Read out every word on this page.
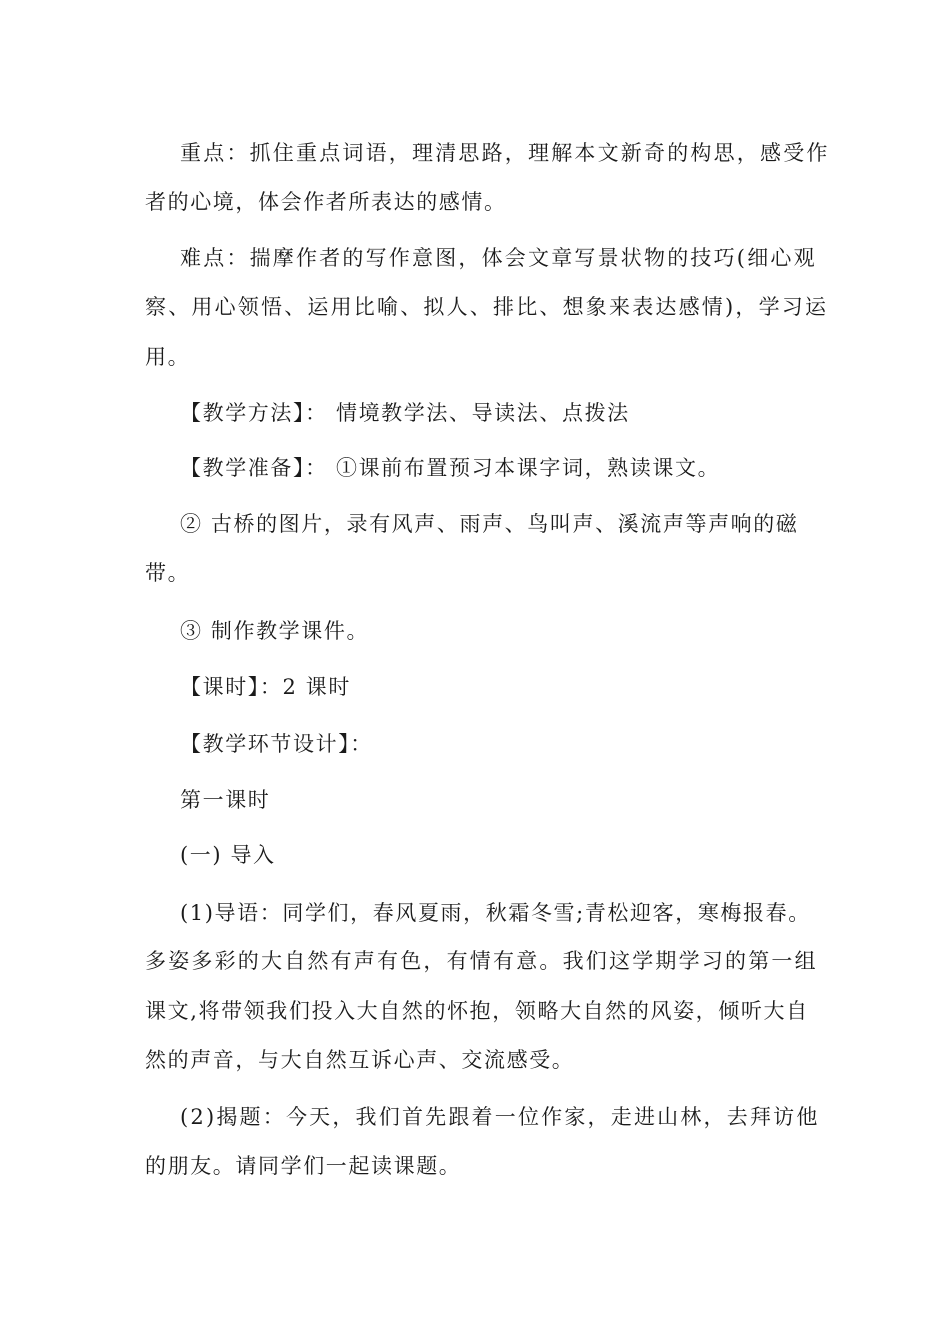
重点：抓住重点词语，理清思路，理解本文新奇的构思，感受作
者的心境，体会作者所表达的感情。
难点：揣摩作者的写作意图，体会文章写景状物的技巧(细心观
察、用心领悟、运用比喻、拟人、排比、想象来表达感情)，学习运
用。
【教学方法】： 情境教学法、导读法、点拨法
【教学准备】： ①课前布置预习本课字词，熟读课文。
② 古桥的图片，录有风声、雨声、鸟叫声、溪流声等声响的磁
带。
③ 制作教学课件。
【课时】：2 课时
【教学环节设计】：
第一课时
(一) 导入
(1)导语：同学们，春风夏雨，秋霜冬雪;青松迎客，寒梅报春。
多姿多彩的大自然有声有色，有情有意。我们这学期学习的第一组
课文,将带领我们投入大自然的怀抱，领略大自然的风姿，倾听大自
然的声音，与大自然互诉心声、交流感受。
(2)揭题：今天，我们首先跟着一位作家，走进山林，去拜访他
的朋友。请同学们一起读课题。
